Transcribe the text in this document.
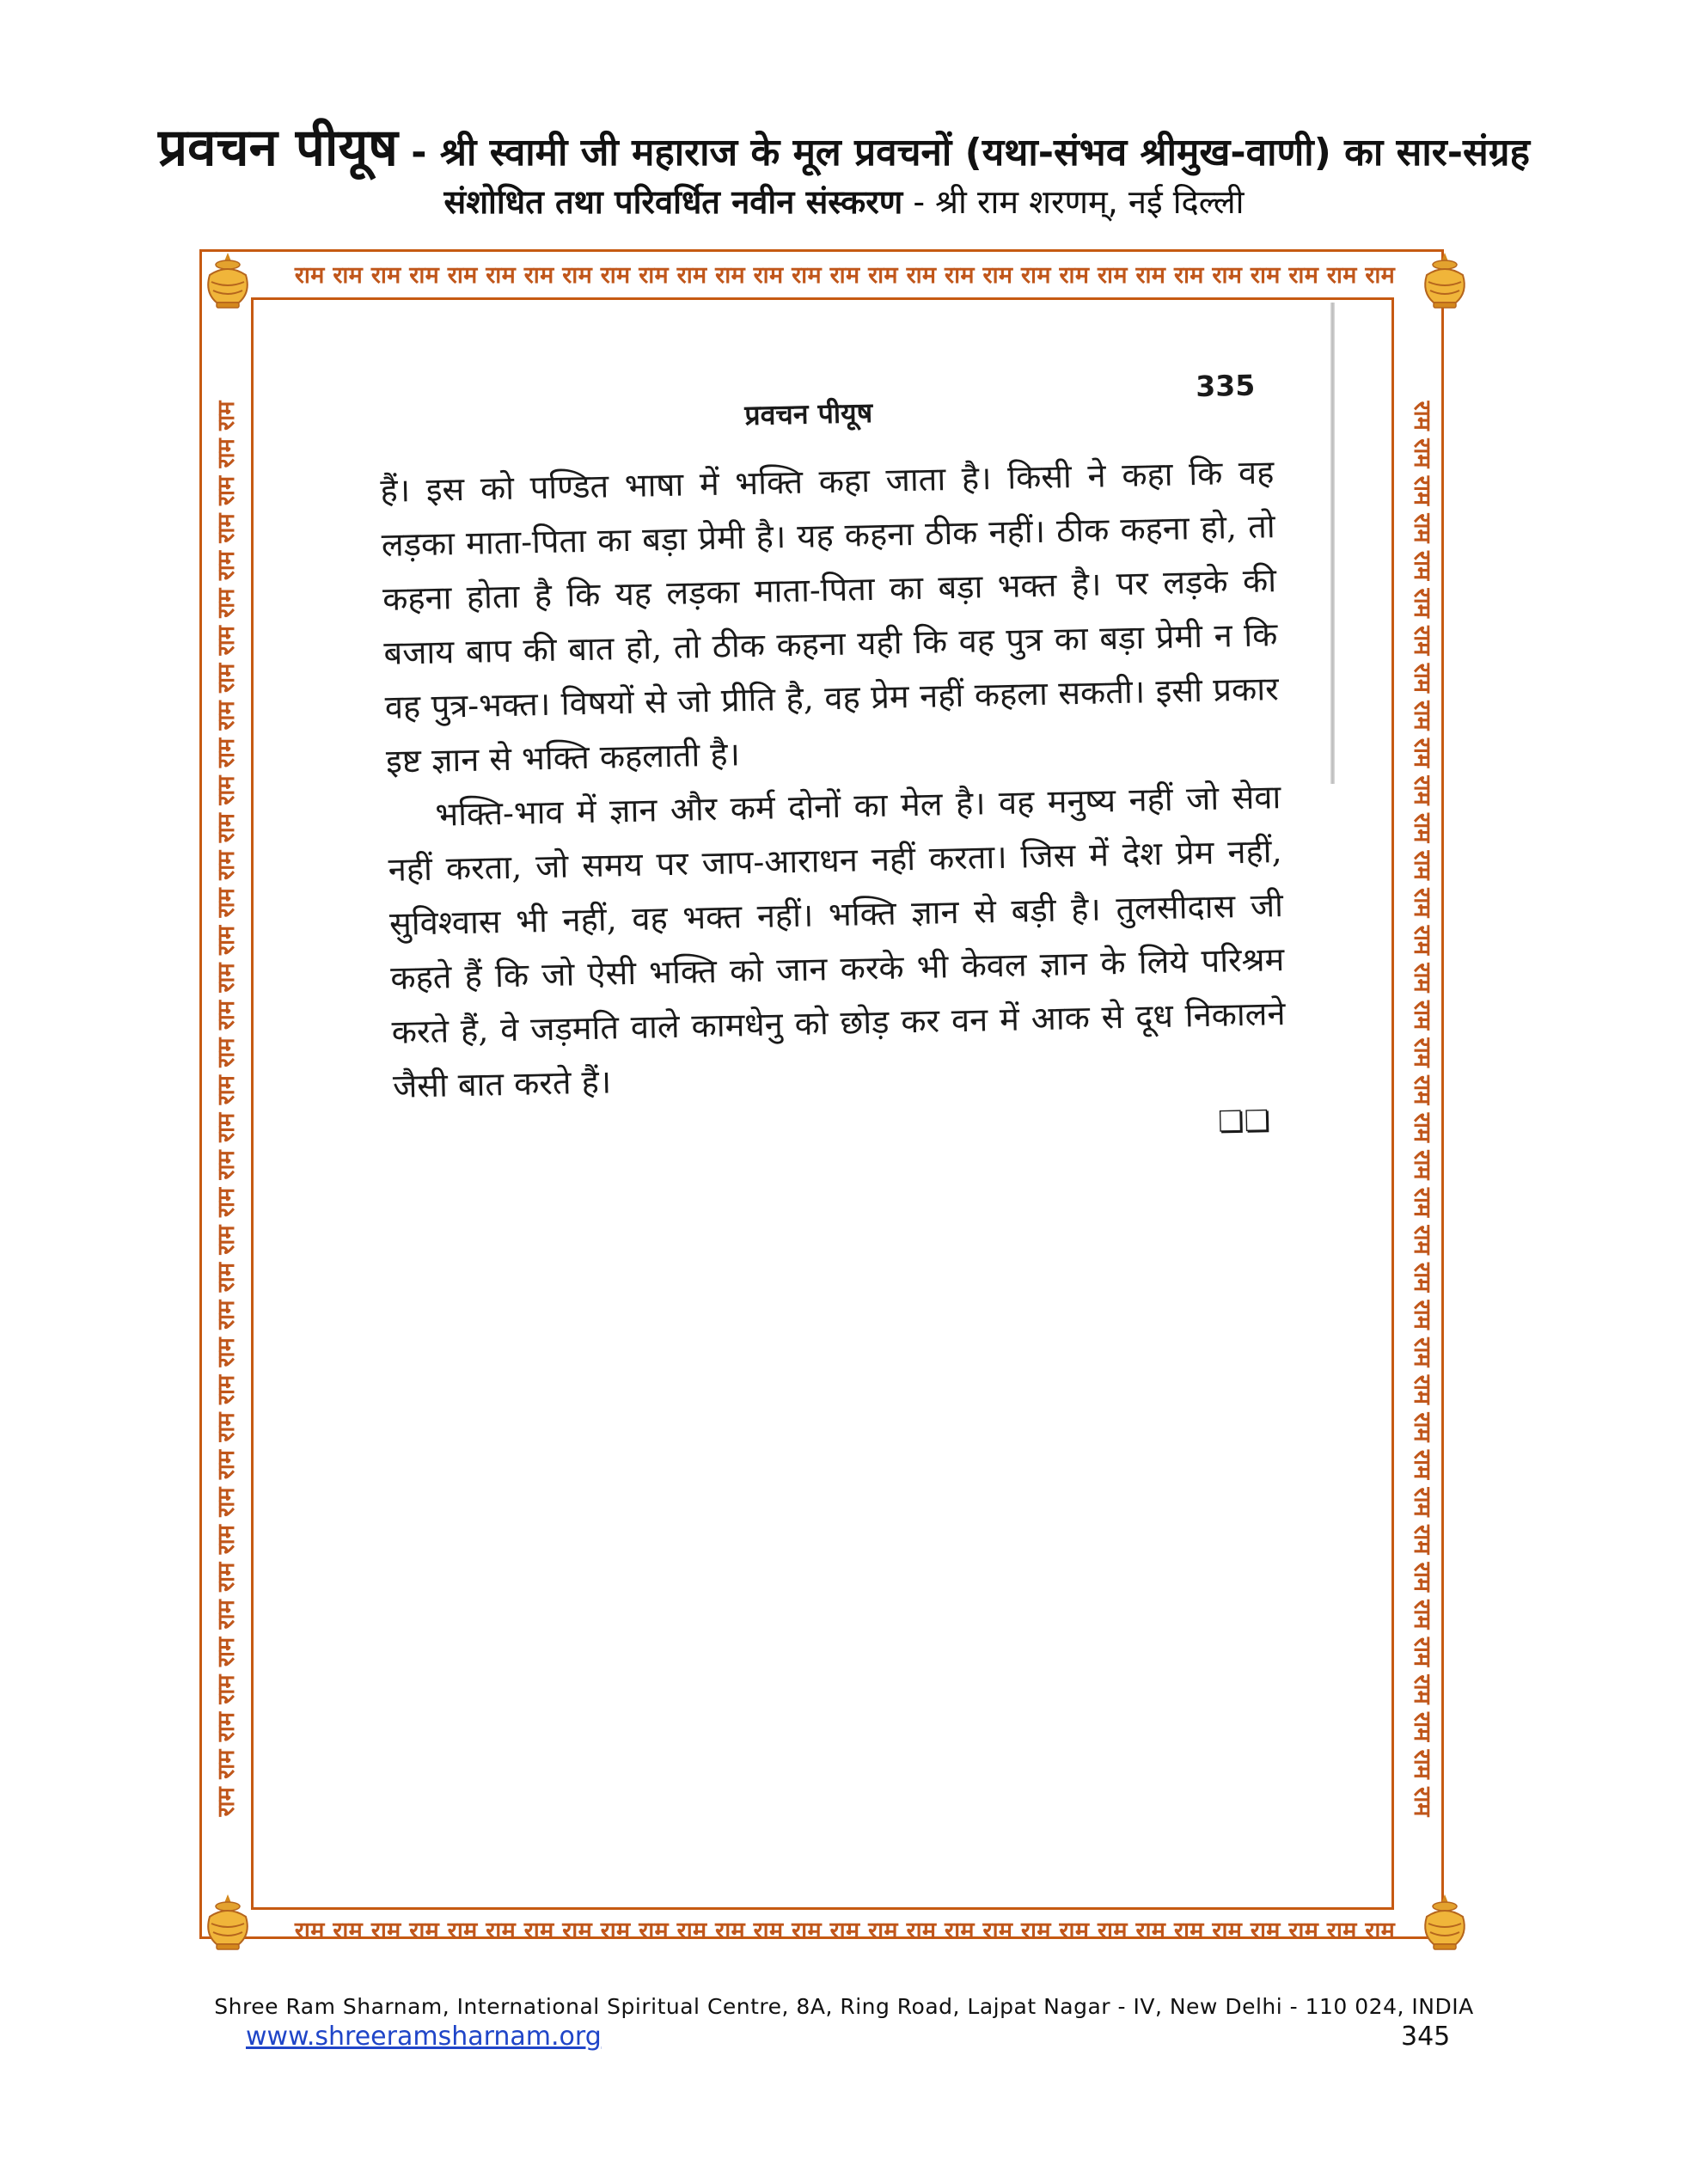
प्रवचन पीयूष - श्री स्वामी जी महाराज के मूल प्रवचनों (यथा-संभव श्रीमुख-वाणी) का सार-संग्रह
संशोधित तथा परिवर्धित नवीन संस्करण - श्री राम शरणम्, नई दिल्ली
राम राम राम राम राम राम राम राम राम राम राम राम राम राम राम राम राम राम राम राम राम राम राम राम राम राम राम राम राम
राम राम राम राम राम राम राम राम राम राम राम राम राम राम राम राम राम राम राम राम राम राम राम राम राम राम राम राम राम
राम राम राम राम राम राम राम राम राम राम राम राम राम राम राम राम राम राम राम राम राम राम राम राम राम राम राम राम राम राम राम राम राम राम राम राम राम राम	राम राम राम राम राम राम राम राम राम राम राम राम राम राम राम राम राम राम राम राम राम राम राम राम राम राम राम राम राम राम राम राम राम राम राम राम राम राम
प्रवचन पीयूष
335

हैं। इस को पण्डित भाषा में भक्ति कहा जाता है। किसी ने कहा कि वह लड़का माता-पिता का बड़ा प्रेमी है। यह कहना ठीक नहीं। ठीक कहना हो, तो कहना होता है कि यह लड़का माता-पिता का बड़ा भक्त है। पर लड़के की बजाय बाप की बात हो, तो ठीक कहना यही कि वह पुत्र का बड़ा प्रेमी न कि वह पुत्र-भक्त। विषयों से जो प्रीति है, वह प्रेम नहीं कहला सकती। इसी प्रकार इष्ट ज्ञान से भक्ति कहलाती है।

भक्ति-भाव में ज्ञान और कर्म दोनों का मेल है। वह मनुष्य नहीं जो सेवा नहीं करता, जो समय पर जाप-आराधन नहीं करता। जिस में देश प्रेम नहीं, सुविश्वास भी नहीं, वह भक्त नहीं। भक्ति ज्ञान से बड़ी है। तुलसीदास जी कहते हैं कि जो ऐसी भक्ति को जान करके भी केवल ज्ञान के लिये परिश्रम करते हैं, वे जड़मति वाले कामधेनु को छोड़ कर वन में आक से दूध निकालने जैसी बात करते हैं।

❏❏
Shree Ram Sharnam, International Spiritual Centre, 8A, Ring Road, Lajpat Nagar - IV, New Delhi - 110 024, INDIA
www.shreeramsharnam.org	345
